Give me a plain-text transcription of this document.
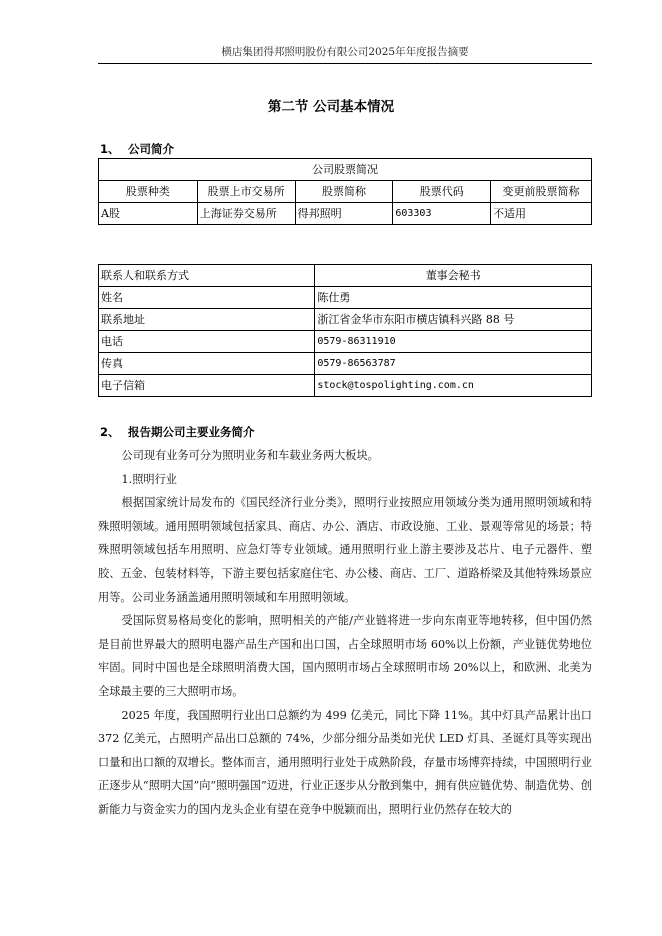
横店集团得邦照明股份有限公司2025年年度报告摘要
第二节 公司基本情况
1、 公司简介
公司股票简况				
股票种类	股票上市交易所	股票简称	股票代码	变更前股票简称
A股	上海证券交易所	得邦照明	603303	不适用
联系人和联系方式	董事会秘书
姓名	陈仕勇
联系地址	浙江省金华市东阳市横店镇科兴路 88 号
电话	0579-86311910
传真	0579-86563787
电子信箱	stock@tospolighting.com.cn
2、 报告期公司主要业务简介

公司现有业务可分为照明业务和车载业务两大板块。

1.照明行业

根据国家统计局发布的《国民经济行业分类》，照明行业按照应用领域分类为通用照明领域和特殊照明领域。通用照明领域包括家具、商店、办公、酒店、市政设施、工业、景观等常见的场景；特殊照明领域包括车用照明、应急灯等专业领域。通用照明行业上游主要涉及芯片、电子元器件、塑胶、五金、包装材料等，下游主要包括家庭住宅、办公楼、商店、工厂、道路桥梁及其他特殊场景应用等。公司业务涵盖通用照明领域和车用照明领域。

受国际贸易格局变化的影响，照明相关的产能/产业链将进一步向东南亚等地转移，但中国仍然是目前世界最大的照明电器产品生产国和出口国，占全球照明市场 60%以上份额，产业链优势地位牢固。同时中国也是全球照明消费大国，国内照明市场占全球照明市场 20%以上，和欧洲、北美为全球最主要的三大照明市场。

2025 年度，我国照明行业出口总额约为 499 亿美元，同比下降 11%。其中灯具产品累计出口 372 亿美元，占照明产品出口总额的 74%，少部分细分品类如光伏 LED 灯具、圣诞灯具等实现出口量和出口额的双增长。整体而言，通用照明行业处于成熟阶段，存量市场博弈持续，中国照明行业正逐步从“照明大国”向“照明强国”迈进，行业正逐步从分散到集中，拥有供应链优势、制造优势、创新能力与资金实力的国内龙头企业有望在竞争中脱颖而出，照明行业仍然存在较大的
